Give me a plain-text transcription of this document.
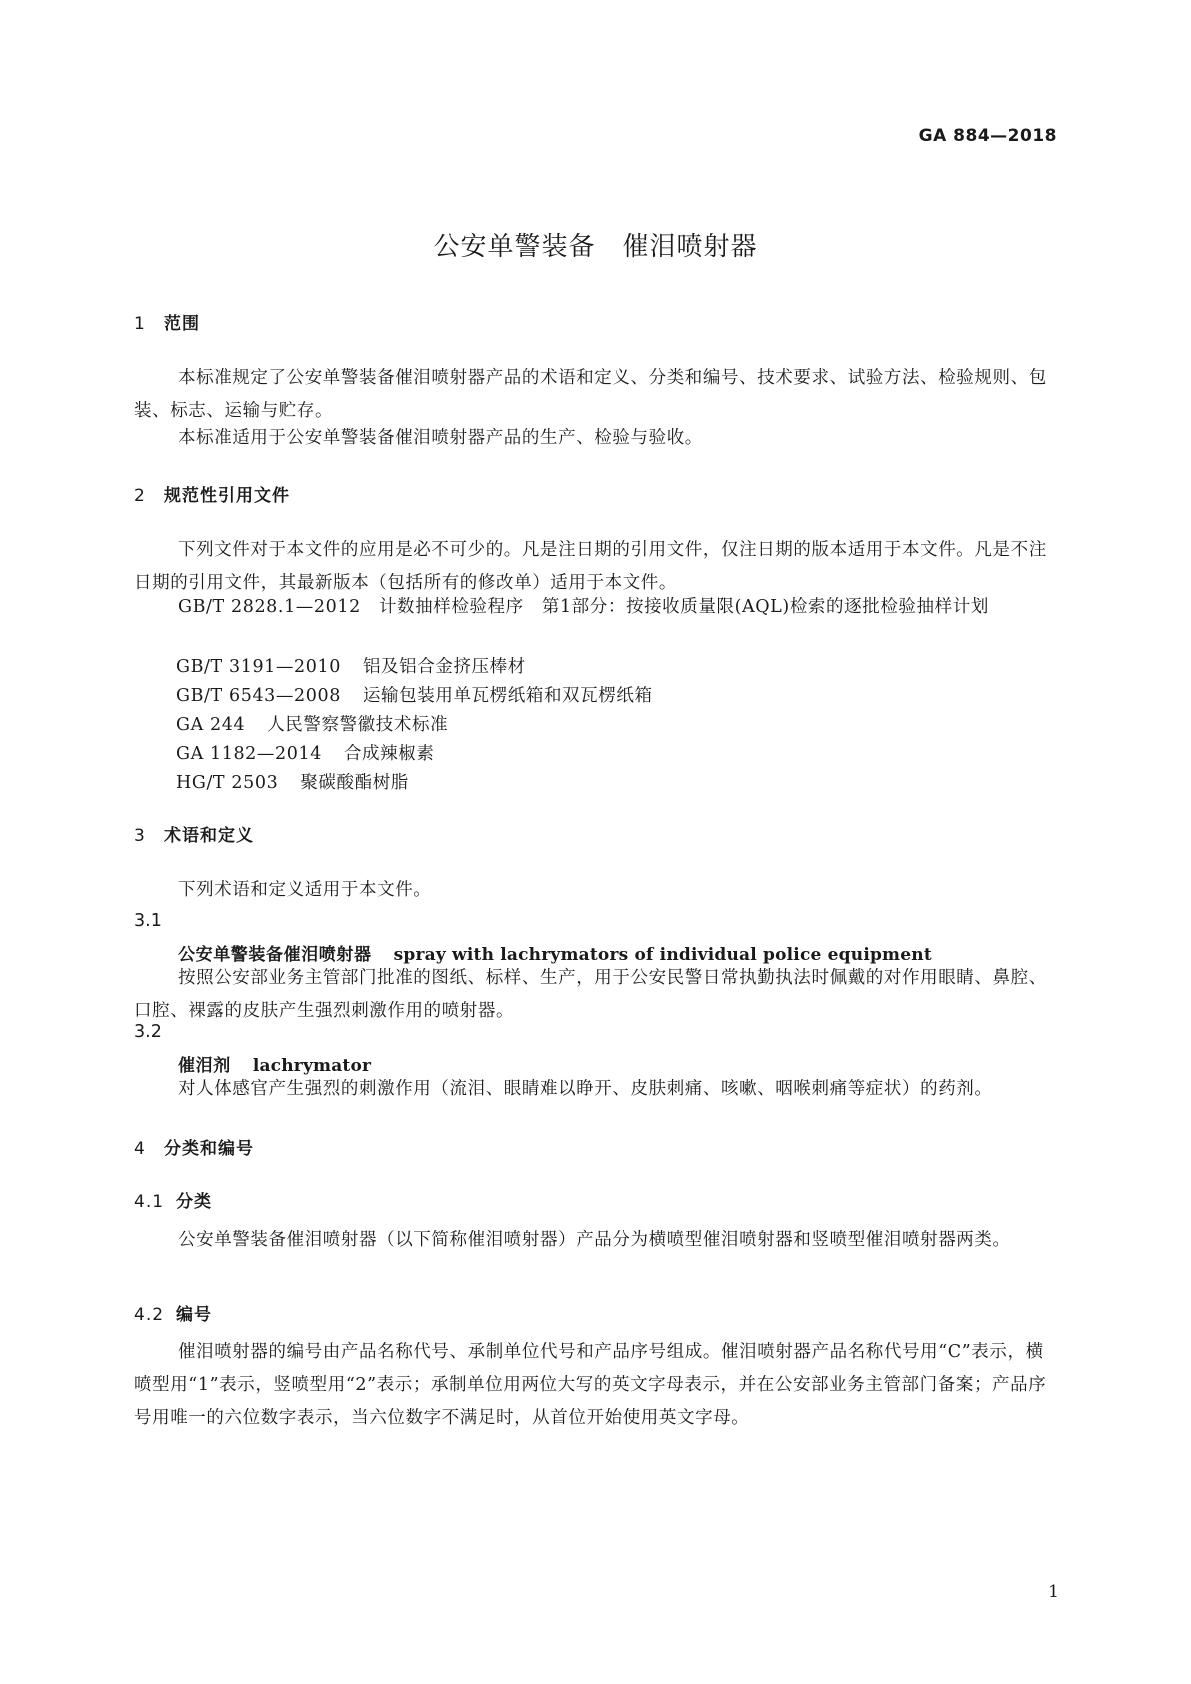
GA 884—2018
公安单警装备　催泪喷射器
1 范围
本标准规定了公安单警装备催泪喷射器产品的术语和定义、分类和编号、技术要求、试验方法、检验规则、包装、标志、运输与贮存。
本标准适用于公安单警装备催泪喷射器产品的生产、检验与验收。
2 规范性引用文件
下列文件对于本文件的应用是必不可少的。凡是注日期的引用文件，仅注日期的版本适用于本文件。凡是不注日期的引用文件，其最新版本（包括所有的修改单）适用于本文件。
GB/T 2828.1—2012　计数抽样检验程序　第1部分：按接收质量限(AQL)检索的逐批检验抽样计划
GB/T 3191—2010 铝及铝合金挤压棒材
GB/T 6543—2008 运输包装用单瓦楞纸箱和双瓦楞纸箱
GA 244 人民警察警徽技术标准
GA 1182—2014 合成辣椒素
HG/T 2503 聚碳酸酯树脂
3 术语和定义
下列术语和定义适用于本文件。
3.1
公安单警装备催泪喷射器 spray with lachrymators of individual police equipment
按照公安部业务主管部门批准的图纸、标样、生产，用于公安民警日常执勤执法时佩戴的对作用眼睛、鼻腔、口腔、裸露的皮肤产生强烈刺激作用的喷射器。
3.2
催泪剂 lachrymator
对人体感官产生强烈的刺激作用（流泪、眼睛难以睁开、皮肤刺痛、咳嗽、咽喉刺痛等症状）的药剂。
4 分类和编号
4.1 分类
公安单警装备催泪喷射器（以下简称催泪喷射器）产品分为横喷型催泪喷射器和竖喷型催泪喷射器两类。
4.2 编号
催泪喷射器的编号由产品名称代号、承制单位代号和产品序号组成。催泪喷射器产品名称代号用“C”表示，横喷型用“1”表示，竖喷型用“2”表示；承制单位用两位大写的英文字母表示，并在公安部业务主管部门备案；产品序号用唯一的六位数字表示，当六位数字不满足时，从首位开始使用英文字母。
1
